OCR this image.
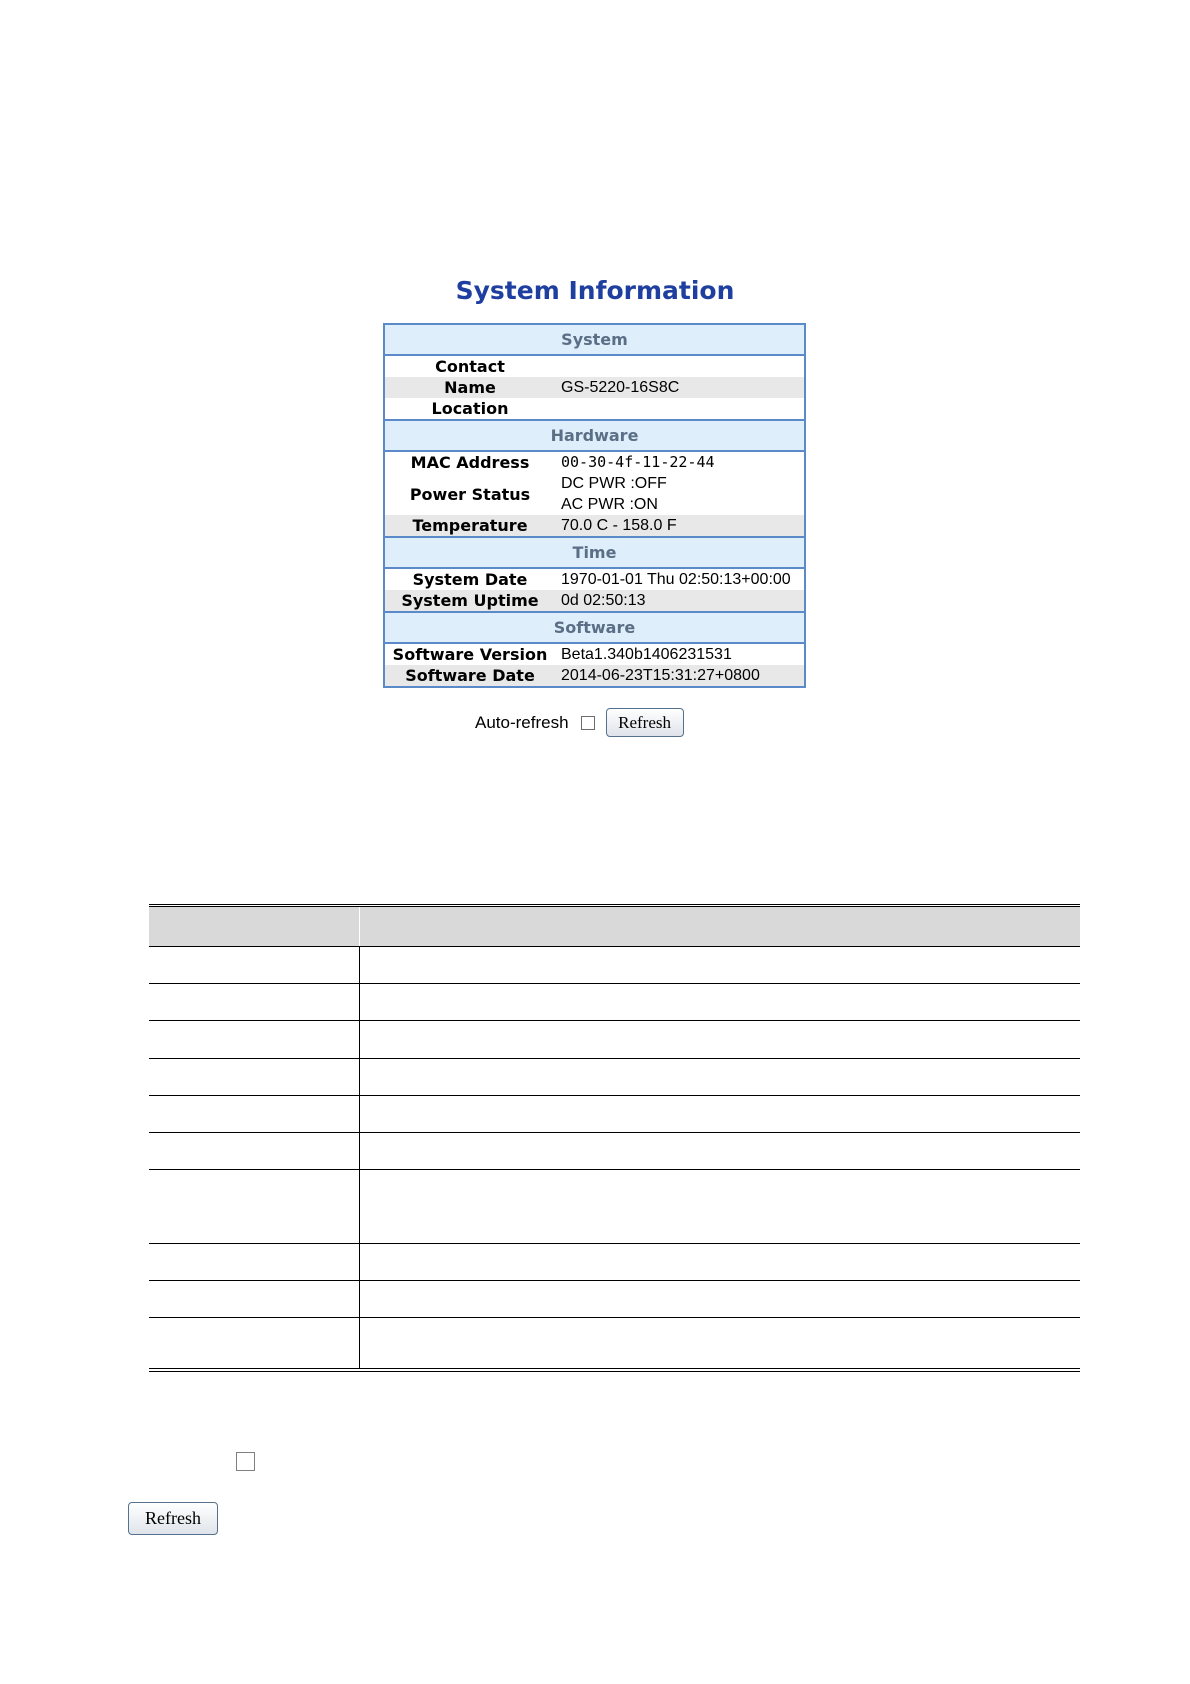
System Information
System	
Contact	
Name	GS-5220-16S8C
Location	
Hardware	
MAC Address	00-30-4f-11-22-44
Power Status	DC PWR :OFF
	AC PWR :ON
Temperature	70.0 C - 158.0 F
Time	
System Date	1970-01-01 Thu 02:50:13+00:00
System Uptime	0d 02:50:13
Software	
Software Version	Beta1.340b1406231531
Software Date	2014-06-23T15:31:27+0800
Auto-refresh	Refresh
Refresh
